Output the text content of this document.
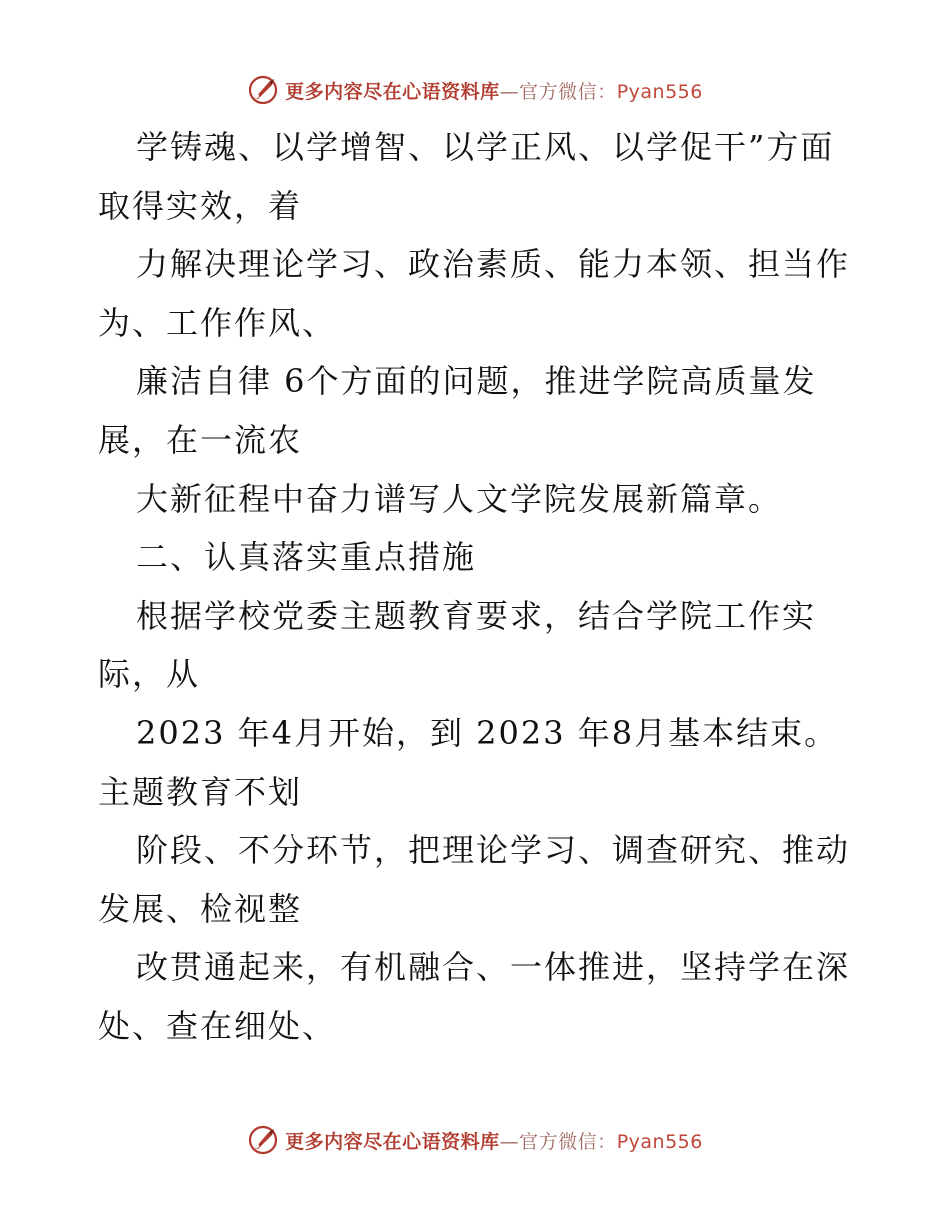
更多内容尽在心语资料库—官方微信：Pyan556
学铸魂、以学增智、以学正风、以学促干”方面
取得实效，着
力解决理论学习、政治素质、能力本领、担当作
为、工作作风、
廉洁自律 6个方面的问题，推进学院高质量发
展，在一流农
大新征程中奋力谱写人文学院发展新篇章。
二、认真落实重点措施
根据学校党委主题教育要求，结合学院工作实
际，从
2023 年4月开始，到 2023 年8月基本结束。
主题教育不划
阶段、不分环节，把理论学习、调查研究、推动
发展、检视整
改贯通起来，有机融合、一体推进，坚持学在深
处、查在细处、
更多内容尽在心语资料库—官方微信：Pyan556
